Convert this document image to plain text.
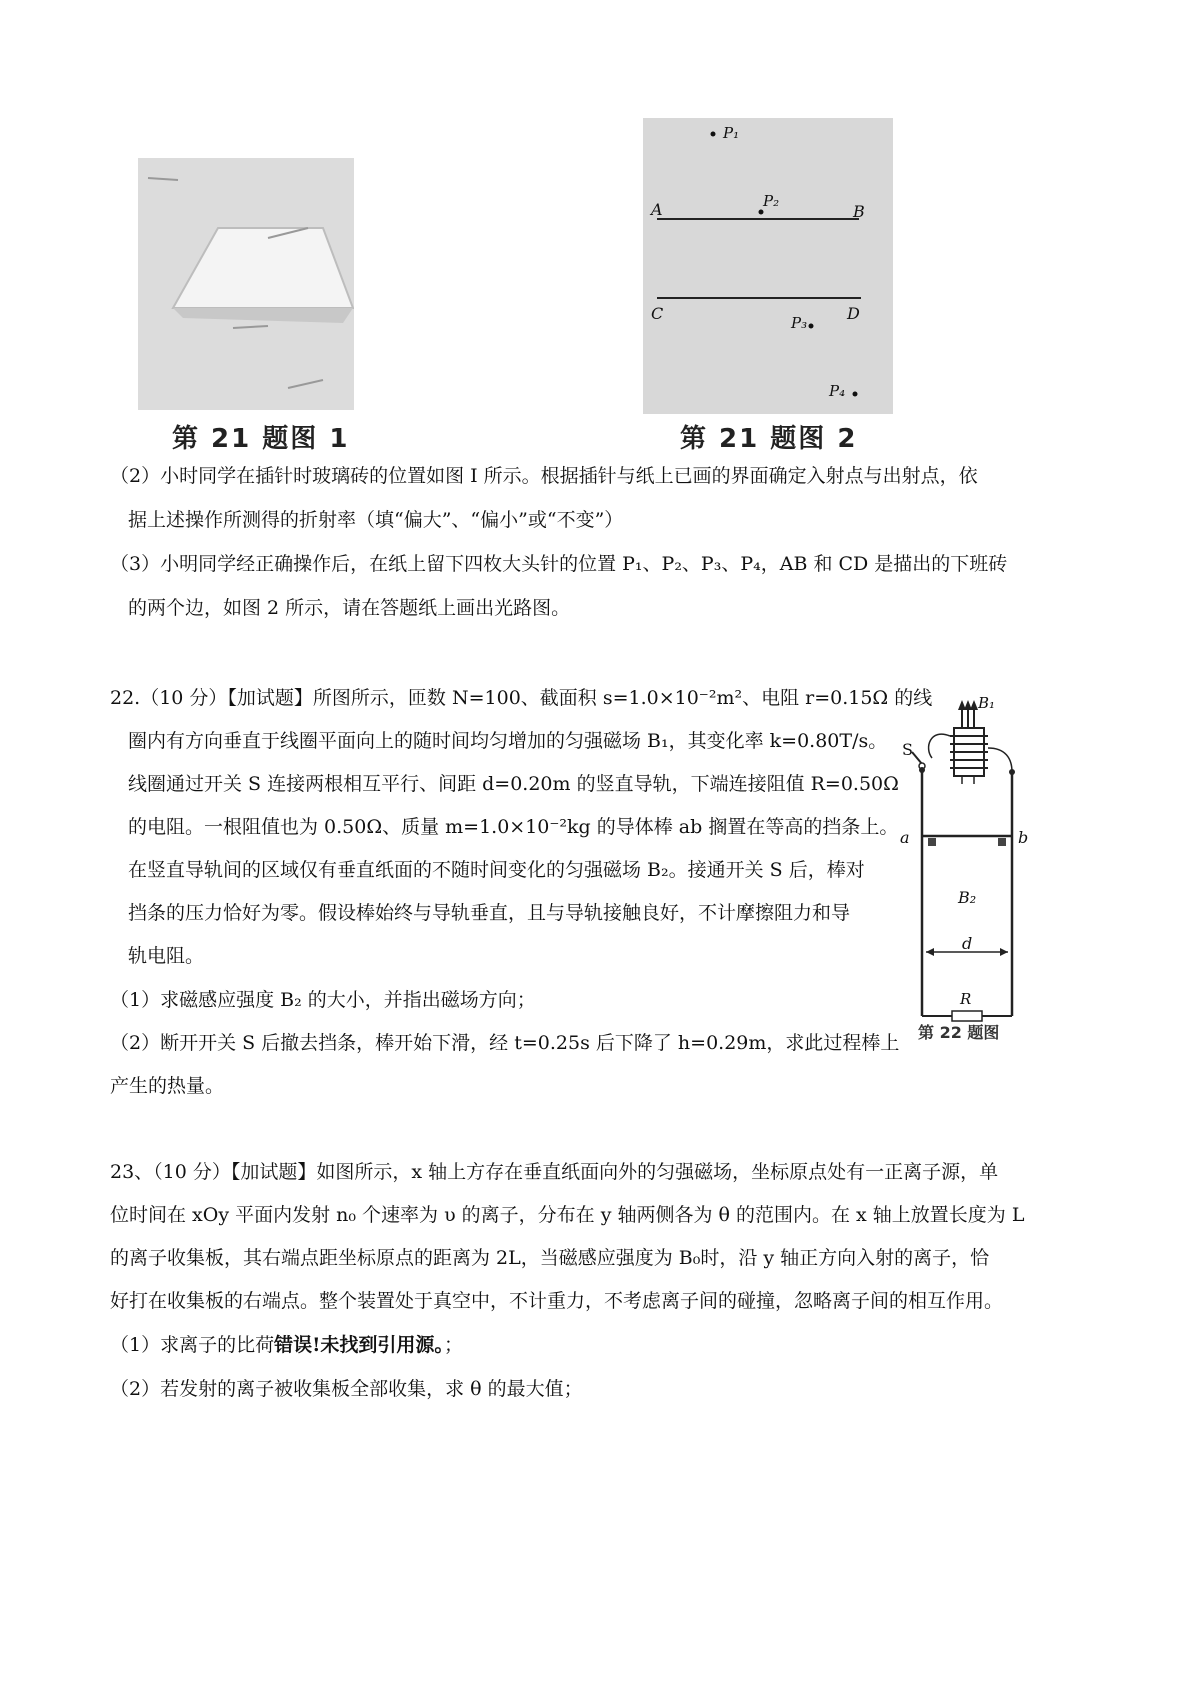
第 21 题图 1
P₁
A	P₂
B
C	D
P₃
P₄
第 21 题图 2
（2）小时同学在插针时玻璃砖的位置如图 I 所示。根据插针与纸上已画的界面确定入射点与出射点，依
据上述操作所测得的折射率（填“偏大”、“偏小”或“不变”）
（3）小明同学经正确操作后，在纸上留下四枚大头针的位置 P₁、P₂、P₃、P₄，AB 和 CD 是描出的下班砖
的两个边，如图 2 所示，请在答题纸上画出光路图。
22.（10 分）【加试题】所图所示，匝数 N=100、截面积 s=1.0×10⁻²m²、电阻 r=0.15Ω 的线
圈内有方向垂直于线圈平面向上的随时间均匀增加的匀强磁场 B₁，其变化率 k=0.80T/s。
线圈通过开关 S 连接两根相互平行、间距 d=0.20m 的竖直导轨，下端连接阻值 R=0.50Ω
的电阻。一根阻值也为 0.50Ω、质量 m=1.0×10⁻²kg 的导体棒 ab 搁置在等高的挡条上。
在竖直导轨间的区域仅有垂直纸面的不随时间变化的匀强磁场 B₂。接通开关 S 后，棒对
挡条的压力恰好为零。假设棒始终与导轨垂直，且与导轨接触良好，不计摩擦阻力和导
轨电阻。
（1）求磁感应强度 B₂ 的大小，并指出磁场方向；
（2）断开开关 S 后撤去挡条，棒开始下滑，经 t=0.25s 后下降了 h=0.29m，求此过程棒上
产生的热量。
B₁
S
a	b
B₂
d
R
第 22 题图
23、（10 分）【加试题】如图所示，x 轴上方存在垂直纸面向外的匀强磁场，坐标原点处有一正离子源，单
位时间在 xOy 平面内发射 n₀ 个速率为 υ 的离子，分布在 y 轴两侧各为 θ 的范围内。在 x 轴上放置长度为 L
的离子收集板，其右端点距坐标原点的距离为 2L，当磁感应强度为 B₀时，沿 y 轴正方向入射的离子，恰
好打在收集板的右端点。整个装置处于真空中，不计重力，不考虑离子间的碰撞，忽略离子间的相互作用。
（1）求离子的比荷错误!未找到引用源。；
（2）若发射的离子被收集板全部收集，求 θ 的最大值；
